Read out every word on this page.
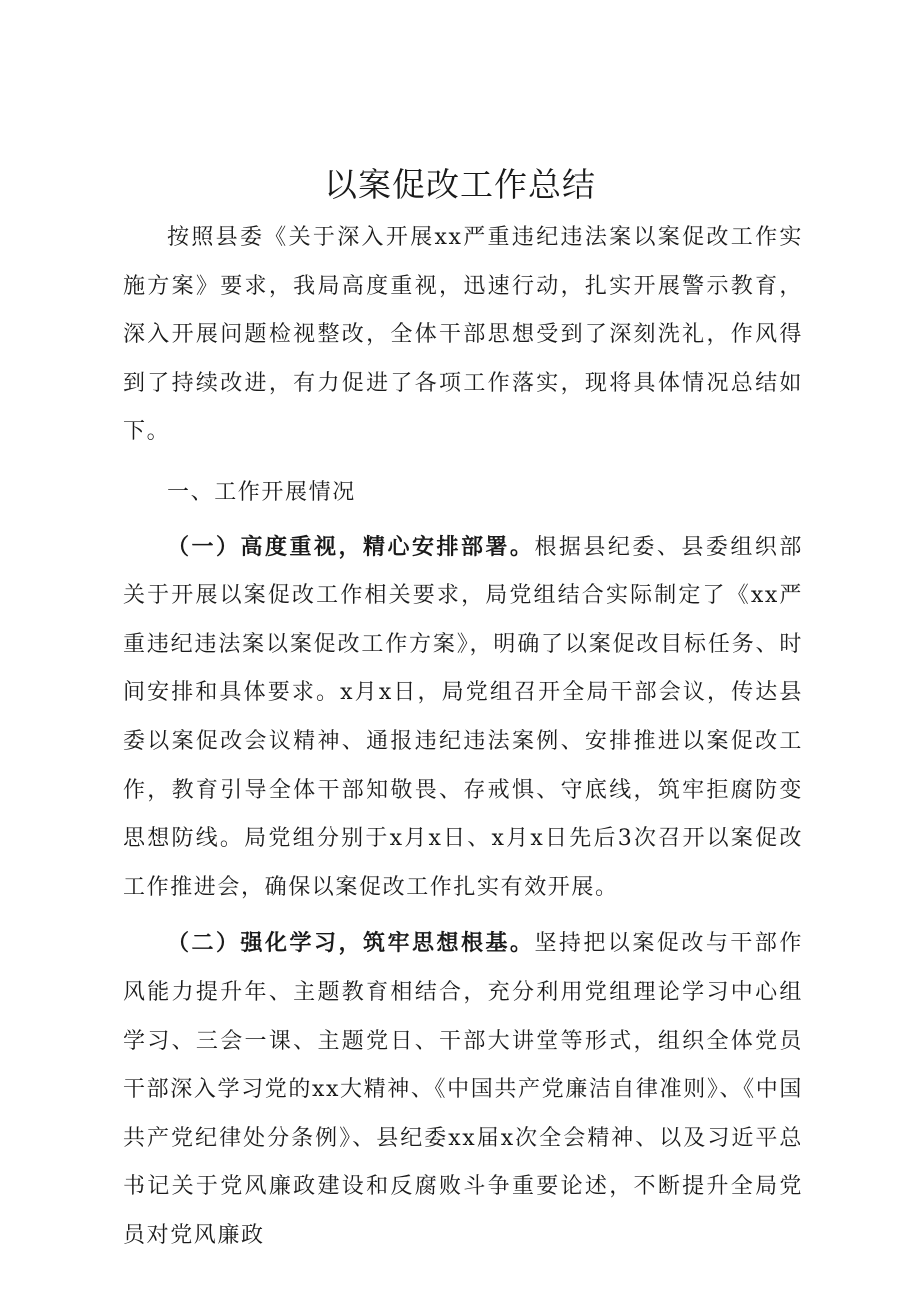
以案促改工作总结

按照县委《关于深入开展xx严重违纪违法案以案促改工作实施方案》要求，我局高度重视，迅速行动，扎实开展警示教育，深入开展问题检视整改，全体干部思想受到了深刻洗礼，作风得到了持续改进，有力促进了各项工作落实，现将具体情况总结如下。

一、工作开展情况

（一）高度重视，精心安排部署。根据县纪委、县委组织部关于开展以案促改工作相关要求，局党组结合实际制定了《xx严重违纪违法案以案促改工作方案》，明确了以案促改目标任务、时间安排和具体要求。x月x日，局党组召开全局干部会议，传达县委以案促改会议精神、通报违纪违法案例、安排推进以案促改工作，教育引导全体干部知敬畏、存戒惧、守底线，筑牢拒腐防变思想防线。局党组分别于x月x日、x月x日先后3次召开以案促改工作推进会，确保以案促改工作扎实有效开展。

（二）强化学习，筑牢思想根基。坚持把以案促改与干部作风能力提升年、主题教育相结合，充分利用党组理论学习中心组学习、三会一课、主题党日、干部大讲堂等形式，组织全体党员干部深入学习党的xx大精神、《中国共产党廉洁自律准则》、《中国共产党纪律处分条例》、县纪委xx届x次全会精神、以及习近平总书记关于党风廉政建设和反腐败斗争重要论述，不断提升全局党员对党风廉政
